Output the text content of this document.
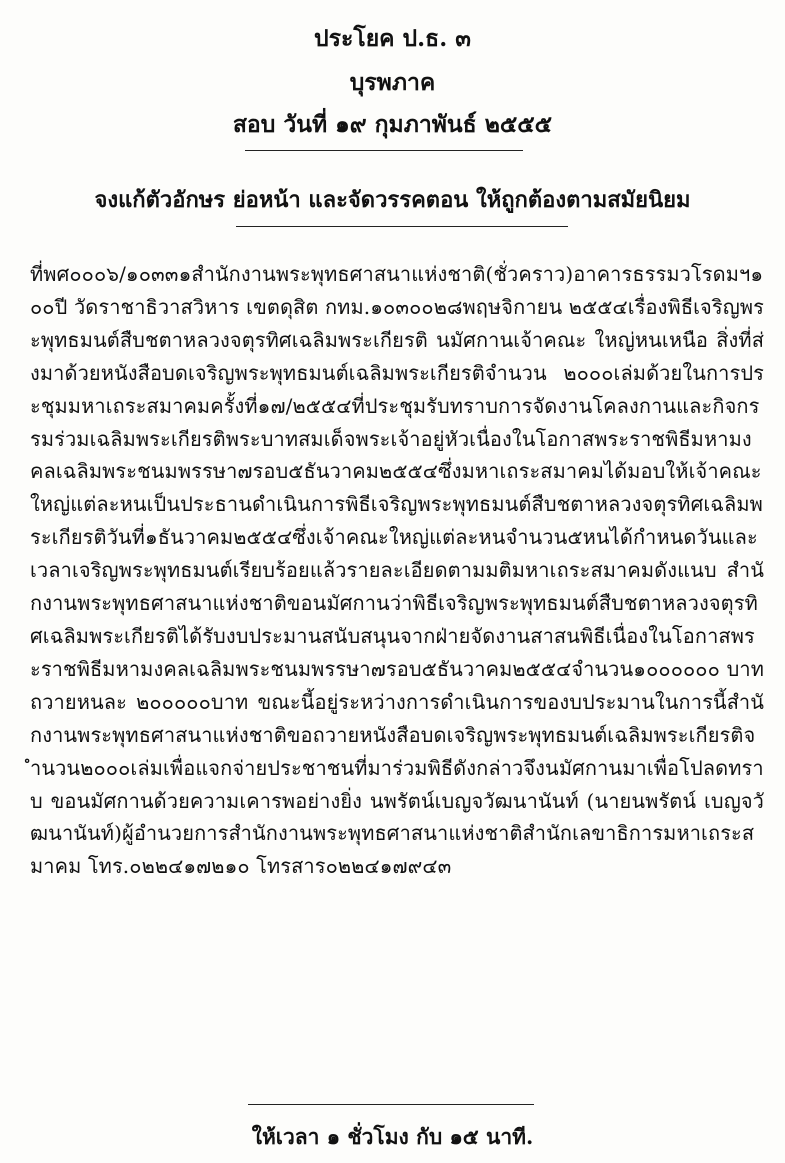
ประโยค ป.ธ. ๓
บุรพภาค
สอบ วันที่ ๑๙ กุมภาพันธ์ ๒๕๕๕
จงแก้ตัวอักษร ย่อหน้า และจัดวรรคตอน ให้ถูกต้องตามสมัยนิยม
ที่พศ๐๐๐๖/๑๐๓๓๑สำนักงานพระพุทธศาสนาแห่งชาติ(ชั่วคราว)อาคารธรรมวโรดมฯ๑๐๐ปี วัดราชาธิวาสวิหาร เขตดุสิต กทม.๑๐๓๐๐๒๘พฤษจิกายน ๒๕๕๔เรื่องพิธีเจริญพระพุทธมนต์สืบชตาหลวงจตุรทิศเฉลิมพระเกียรติ นมัศกานเจ้าคณะ ใหญ่หนเหนือ สิ่งที่ส่งมาด้วยหนังสือบดเจริญพระพุทธมนต์เฉลิมพระเกียรติจำนวน ๒๐๐๐เล่มด้วยในการประชุมมหาเถระสมาคมครั้งที่๑๗/๒๕๕๔ที่ประชุมรับทราบการจัดงานโคลงกานและกิจกรรมร่วมเฉลิมพระเกียรติพระบาทสมเด็จพระเจ้าอยู่หัวเนื่องในโอกาสพระราชพิธีมหามงคลเฉลิมพระชนมพรรษา๗รอบ๕ธันวาคม๒๕๕๔ซึ่งมหาเถระสมาคมได้มอบให้เจ้าคณะใหญ่แต่ละหนเป็นประธานดำเนินการพิธีเจริญพระพุทธมนต์สืบชตาหลวงจตุรทิศเฉลิมพระเกียรติวันที่๑ธันวาคม๒๕๕๔ซึ่งเจ้าคณะใหญ่แต่ละหนจำนวน๕หนได้กำหนดวันและเวลาเจริญพระพุทธมนต์เรียบร้อยแล้วรายละเอียดตามมติมหาเถระสมาคมดังแนบ สำนักงานพระพุทธศาสนาแห่งชาติขอนมัศกานว่าพิธีเจริญพระพุทธมนต์สืบชตาหลวงจตุรทิศเฉลิมพระเกียรติได้รับงบประมานสนับสนุนจากฝ่ายจัดงานสาสนพิธีเนื่องในโอกาสพระราชพิธีมหามงคลเฉลิมพระชนมพรรษา๗รอบ๕ธันวาคม๒๕๕๔จำนวน๑๐๐๐๐๐๐ บาท ถวายหนละ ๒๐๐๐๐๐บาท ขณะนี้อยู่ระหว่างการดำเนินการของบประมานในการนี้สำนักงานพระพุทธศาสนาแห่งชาติขอถวายหนังสือบดเจริญพระพุทธมนต์เฉลิมพระเกียรติจำนวน๒๐๐๐เล่มเพื่อแจกจ่ายประชาชนที่มาร่วมพิธีดังกล่าวจึงนมัศกานมาเพื่อโปลดทราบ ขอนมัศกานด้วยความเคารพอย่างยิ่ง นพรัตน์เบญจวัฒนานันท์ (นายนพรัตน์ เบญจวัฒนานันท์)ผู้อำนวยการสำนักงานพระพุทธศาสนาแห่งชาติสำนักเลขาธิการมหาเถระสมาคม โทร.๐๒๒๔๑๗๒๑๐ โทรสาร๐๒๒๔๑๗๙๔๓
ให้เวลา ๑ ชั่วโมง กับ ๑๕ นาที.
